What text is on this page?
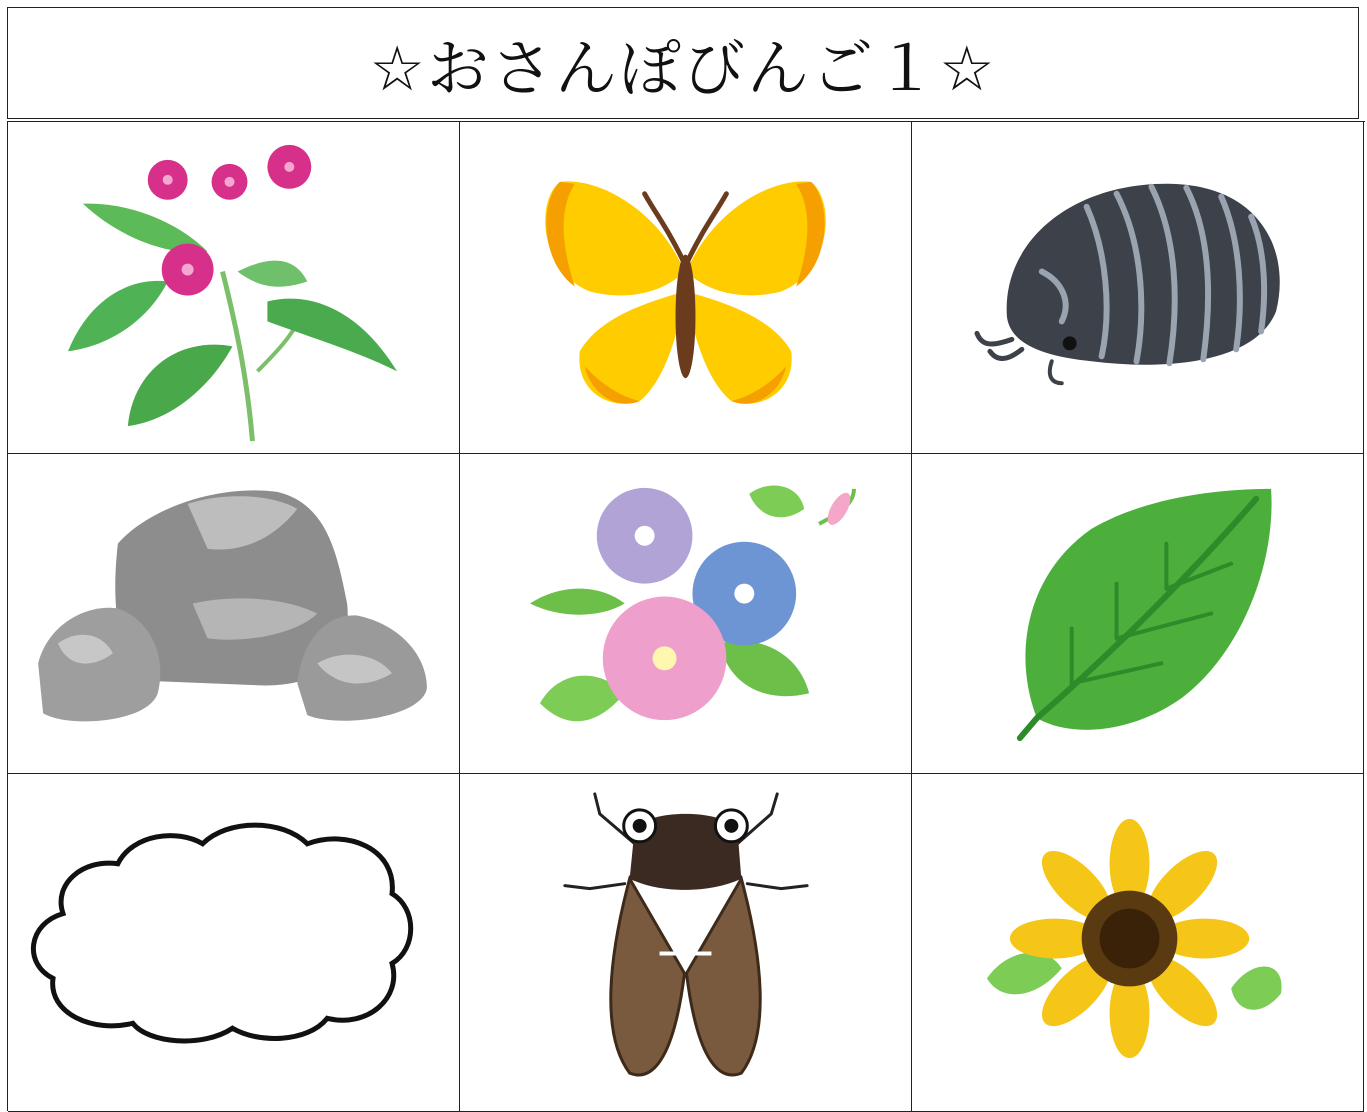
☆おさんぽびんご１☆
